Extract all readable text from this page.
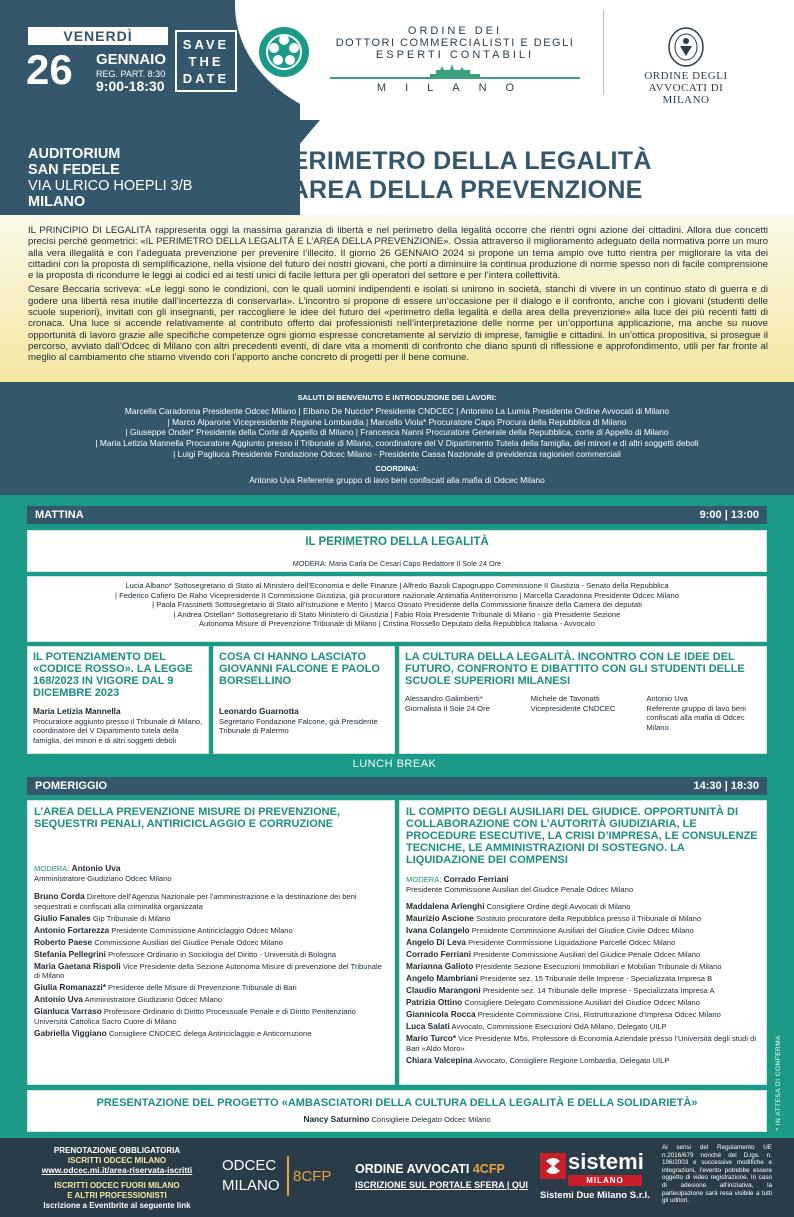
VENERDÌ
26 GENNAIO
REG. PART. 8:30
9:00-18:30
SAVE
THE
DATE
ORDINE DEI
DOTTORI COMMERCIALISTI E DEGLI
ESPERTI CONTABILI
MILANO
ORDINE DEGLI
AVVOCATI DI MILANO
AUDITORIUM
SAN FEDELE
VIA ULRICO HOEPLI 3/B
MILANO
IL PERIMETRO DELLA LEGALITÀ
E L’AREA DELLA PREVENZIONE

IL PRINCIPIO DI LEGALITÀ rappresenta oggi la massima garanzia di libertà e nel perimetro della legalità occorre che rientri ogni azione dei cittadini. Allora due concetti precisi perché geometrici: «IL PERIMETRO DELLA LEGALITÀ E L’AREA DELLA PREVENZIONE». Ossia attraverso il miglioramento adeguato della normativa porre un muro alla vera illegalità e con l’adeguata prevenzione per prevenire l’illecito. Il giorno 26 GENNAIO 2024 si propone un tema ampio ove tutto rientra per migliorare la vita dei cittadini con la proposta di semplificazione, nella visione del futuro dei nostri giovani, che porti a diminuire la continua produzione di norme spesso non di facile comprensione e la proposta di ricondurre le leggi ai codici ed ai testi unici di facile lettura per gli operatori del settore e per l’intera collettività.

Cesare Beccaria scriveva: «Le leggi sono le condizioni, con le quali uomini indipendenti e isolati si unirono in società, stanchi di vivere in un continuo stato di guerra e di godere una libertà resa inutile dall’incertezza di conservarla». L’incontro si propone di essere un’occasione per il dialogo e il confronto, anche con i giovani (studenti delle scuole superiori), invitati con gli insegnanti, per raccogliere le idee del futuro del «perimetro della legalità e della area della prevenzione» alla luce dei più recenti fatti di cronaca. Una luce si accende relativamente al contributo offerto dai professionisti nell’interpretazione delle norme per un’opportuna applicazione, ma anche su nuove opportunità di lavoro grazie alle specifiche competenze ogni giorno espresse concretamente al servizio di imprese, famiglie e cittadini. In un’ottica propositiva, si prosegue il percorso, avviato dall’Odcec di Milano con altri precedenti eventi, di dare vita a momenti di confronto che diano spunti di riflessione e approfondimento, utili per far fronte al meglio al cambiamento che stiamo vivendo con l’apporto anche concreto di progetti per il bene comune.

SALUTI DI BENVENUTO E INTRODUZIONE DEI LAVORI:
Marcella Caradonna Presidente Odcec Milano | Elbano De Nuccio* Presidente CNDCEC | Antonino La Lumia Presidente Ordine Avvocati di Milano
| Marco Alparone Vicepresidente Regione Lombardia | Marcello Viola* Procuratore Capo Procura della Repubblica di Milano
| Giuseppe Ondei* Presidente della Corte di Appello di Milano | Francesca Nanni Procuratore Generale della Repubblica, corte di Appello di Milano
| Maria Letizia Mannella Procuratore Aggiunto presso il Tribunale di Milano, coordinatore del V Dipartimento Tutela della famiglia, dei minori e di altri soggetti deboli
| Luigi Pagliuca Presidente Fondazione Odcec Milano - Presidente Cassa Nazionale di previdenza ragionieri commerciali
COORDINA:
Antonio Uva Referente gruppo di lavo beni confiscati alla mafia di Odcec Milano
MATTINA	9:00 | 13:00
IL PERIMETRO DELLA LEGALITÀ
MODERA: Maria Carla De Cesari Capo Redattore Il Sole 24 Ore
Lucia Albano* Sottosegretario di Stato al Ministero dell’Economia e delle Finanze | Alfredo Bazoli Capogruppo Commissione II Giustizia - Senato della Repubblica
| Federico Cafiero De Raho Vicepresidente II Commissione Giustizia, già procuratore nazionale Antimafia Antiterrorismo | Marcella Caradonna Presidente Odcec Milano
| Paola Frassinetti Sottosegretario di Stato all’Istruzione e Merito | Marco Osnato Presidente della Commissione finanze della Camera dei deputati
| Andrea Ostellari* Sottosegretario di Stato Ministero di Giustizia | Fabio Roia Presidente Tribunale di Milano - già Presidente Sezione
Autonoma Misure di Prevenzione Tribunale di Milano | Cristina Rossello Deputato della Repubblica Italiana - Avvocato
IL POTENZIAMENTO DEL «CODICE ROSSO». LA LEGGE 168/2023 IN VIGORE DAL 9 DICEMBRE 2023
Maria Letizia Mannella
Procuratore aggiunto presso il Tribunale di Milano, coordinatore del V Dipartimento tutela della famiglia, dei minori e di altri soggetti deboli
COSA CI HANNO LASCIATO GIOVANNI FALCONE E PAOLO BORSELLINO
Leonardo Guarnotta
Segretario Fondazione Falcone, già Presidente Tribunale di Palermo
LA CULTURA DELLA LEGALITÀ. INCONTRO CON LE IDEE DEL FUTURO, CONFRONTO E DIBATTITO CON GLI STUDENTI DELLE SCUOLE SUPERIORI MILANESI
Alessandro Galimberti*
Giornalista Il Sole 24 Ore
Michele de Tavonatti
Vicepresidente CNDCEC
Antonio Uva
Referente gruppo di lavo beni confiscati alla mafia di Odcec Milano
LUNCH BREAK
POMERIGGIO	14:30 | 18:30
L’AREA DELLA PREVENZIONE MISURE DI PREVENZIONE, SEQUESTRI PENALI, ANTIRICICLAGGIO E CORRUZIONE
MODERA: Antonio Uva
Amministratore Giudiziario Odcec Milano
Bruno Corda Direttore dell’Agenzia Nazionale per l’amministrazione e la destinazione dei beni sequestrati e confiscati alla criminalità organizzata
Giulio Fanales Gip Tribunale di Milano
Antonio Fortarezza Presidente Commissione Antiriciclaggio Odcec Milano
Roberto Paese Commissione Ausiliari del Giudice Penale Odcec Milano
Stefania Pellegrini Professore Ordinario in Sociologia del Diritto - Università di Bologna
Maria Gaetana Rispoli Vice Presidente della Sezione Autonoma Misure di prevenzione del Tribunale di Milano
Giulia Romanazzi* Presidente delle Misure di Prevenzione Tribunale di Bari
Antonio Uva Amministratore Giudiziario Odcec Milano
Gianluca Varraso Professore Ordinario di Diritto Processuale Penale e di Diritto Penitenziario Università Cattolica Sacro Cuore di Milano
Gabriella Viggiano Consigliere CNDCEC delega Antiriciclaggio e Anticorruzione
IL COMPITO DEGLI AUSILIARI DEL GIUDICE. OPPORTUNITÀ DI COLLABORAZIONE CON L’AUTORITÀ GIUDIZIARIA, LE PROCEDURE ESECUTIVE, LA CRISI D’IMPRESA, LE CONSULENZE TECNICHE, LE AMMINISTRAZIONI DI SOSTEGNO. LA LIQUIDAZIONE DEI COMPENSI
MODERA: Corrado Ferriani
Presidente Commissione Ausiliari del Giudice Penale Odcec Milano
Maddalena Arlenghi Consigliere Ordine degli Avvocati di Milano
Maurizio Ascione Sostituto procuratore della Repubblica presso il Tribunale di Milano
Ivana Colangelo Presidente Commissione Ausiliari del Giudice Civile Odcec Milano
Angelo Di Leva Presidente Commissione Liquidazione Parcelle Odcec Milano
Corrado Ferriani Presidente Commissione Ausiliari del Giudice Penale Odcec Milano
Marianna Galioto Presidente Sezione Esecuzioni Immobiliari e Mobiliari Tribunale di Milano
Angelo Mambriani Presidente sez. 15 Tribunale delle Imprese - Specializzata Impresa B
Claudio Marangoni Presidente sez. 14 Tribunale delle Imprese - Specializzata Impresa A
Patrizia Ottino Consigliere Delegato Commissione Ausiliari del Giudice Odcec Milano
Giannicola Rocca Presidente Commissione Crisi, Ristrutturazione d’Impresa Odcec Milano
Luca Salati Avvocato, Commissione Esecuzioni OdA Milano, Delegato UILP
Mario Turco* Vice Presidente M5s, Professore di Economia Aziendale presso l’Università degli studi di Bari «Aldo Moro»
Chiara Valcepina Avvocato, Consigliere Regione Lombardia, Delegato UILP
PRESENTAZIONE DEL PROGETTO «AMBASCIATORI DELLA CULTURA DELLA LEGALITÀ E DELLA SOLIDARIETÀ»
Nancy Saturnino Consigliere Delegato Odcec Milano	* IN ATTESA DI CONFERMA
PRENOTAZIONE OBBLIGATORIA
ISCRITTI ODCEC MILANO
www.odcec.mi.it/area-riservata-iscritti
ISCRITTI ODCEC FUORI MILANO
E ALTRI PROFESSIONISTI
Iscrizione a Eventbrite al seguente link
ODCEC
MILANO
8CFP ORDINE AVVOCATI 4CFP
ISCRIZIONE SUL PORTALE SFERA | QUI
sistemi
MILANO
Sistemi Due Milano S.r.l.
Ai sensi del Regolamento UE n.2016/679 nonché del D.lgs. n. 196/2003 e successive modifiche e integrazioni, l’evento potrebbe essere oggetto di video registrazione. In caso di adesione all’iniziativa, la partecipazione sarà resa visibile a tutti gli uditori.
